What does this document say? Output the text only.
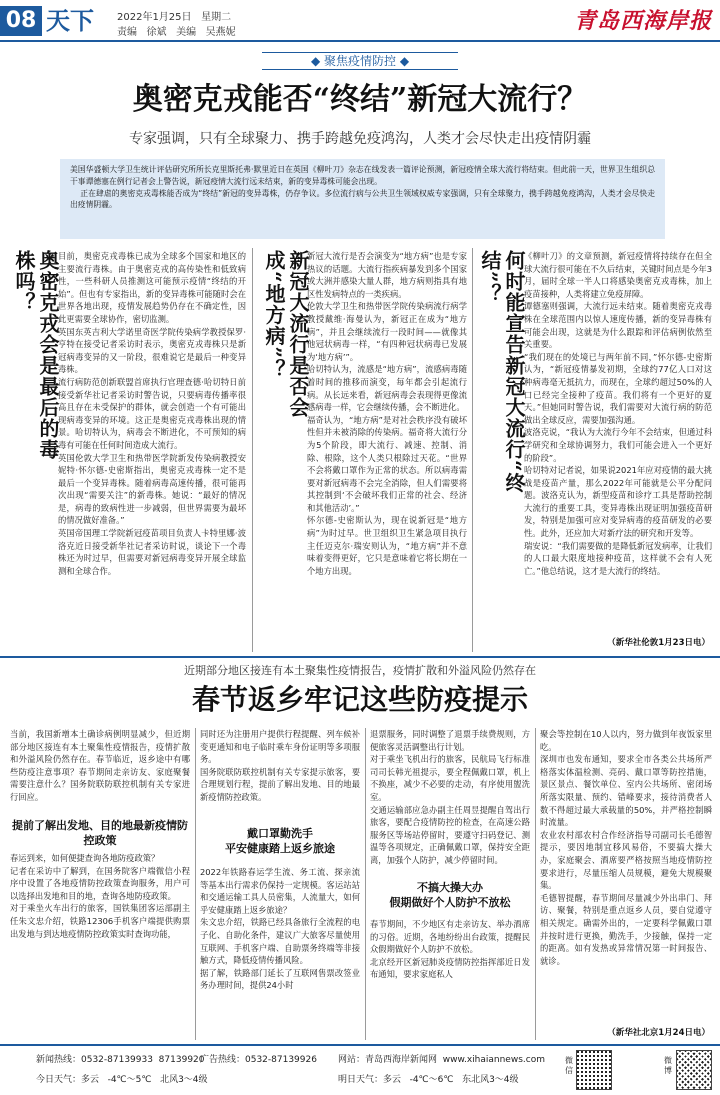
08 天下 2022年1月25日   星期二
责编   徐斌   美编   吴燕妮	青岛西海岸报
◆ 聚焦疫情防控 ◆
奥密克戎能否“终结”新冠大流行？
专家强调，只有全球聚力、携手跨越免疫鸿沟，人类才会尽快走出疫情阴霾
美国华盛顿大学卫生统计评估研究所所长克里斯托弗·默里近日在英国《柳叶刀》杂志在线发表一篇评论预测，新冠疫情全球大流行将结束。但此前一天，世界卫生组织总干事谭德塞在例行记者会上警告说，新冠疫情大流行远未结束，新的变异毒株可能会出现。
正在肆虐的奥密克戎毒株能否成为“终结”新冠的变异毒株，仍存争议。多位流行病与公共卫生领域权威专家强调，只有全球聚力，携手跨越免疫鸿沟，人类才会尽快走出疫情阴霾。
奥密克戎会是最后的毒株吗？	目前，奥密克戎毒株已成为全球多个国家和地区的主要流行毒株。由于奥密克戎的高传染性和低致病性，一些科研人员推测这可能预示疫情“终结的开始”。但也有专家指出，新的变异毒株可能随时会在世界各地出现，疫情发展趋势仍存在不确定性，因此更需要全球协作，密切监测。
英国东英吉利大学诺里奇医学院传染病学教授保罗·亨特在接受记者采访时表示，奥密克戎毒株只是新冠病毒变异的又一阶段，很难说它是最后一种变异毒株。
流行病防范创新联盟首席执行官理查德·哈切特日前接受新华社记者采访时警告说，只要病毒传播率很高且存在未受保护的群体，就会创造一个有可能出现病毒变异的环境。这正是奥密克戎毒株出现的情景。哈切特认为，病毒会不断进化，不可预知的病毒有可能在任何时间造成大流行。
英国伦敦大学卫生和热带医学院新发传染病教授安妮特·怀尔德-史密斯指出，奥密克戎毒株一定不是最后一个变异毒株。随着病毒高速传播，很可能再次出现“需要关注”的新毒株。她说：“最好的情况是，病毒的致病性进一步减弱，但世界需要为最坏的情况做好准备。”
英国帝国理工学院新冠疫苗项目负责人卡特里娜·波洛克近日接受新华社记者采访时说，谈论下一个毒株还为时过早，但需要对新冠病毒变异开展全球监测和全球合作。
新冠大流行是否会成“地方病”？	新冠大流行是否会演变为“地方病”也是专家热议的话题。大流行指疾病暴发到多个国家或大洲并感染大量人群，地方病则指具有地区性发病特点的一类疾病。
伦敦大学卫生和热带医学院传染病流行病学教授戴维·海曼认为，新冠正在成为“地方病”，并且会继续流行一段时间——就像其他冠状病毒一样，“有四种冠状病毒已发展为‘地方病’”。
哈切特认为，流感是“地方病”，流感病毒随着时间的推移而演变，每年都会引起流行病。从长远来看，新冠病毒会表现得更像流感病毒一样，它会继续传播，会不断进化。
福奇认为，“地方病”是对社会秩序没有破坏性但并未被消除的传染病。福奇将大流行分为5个阶段，即大流行、减速、控制、消除、根除，这个人类只根除过天花。“世界不会将戴口罩作为正常的状态。所以病毒需要对新冠病毒不会完全消除，但人们需要将其控制到‘不会破坏我们正常的社会、经济和其他活动’。”
怀尔德-史密斯认为，现在说新冠是“地方病”为时过早。世卫组织卫生紧急项目执行主任迈克尔·瑞安则认为，“地方病”并不意味着变得更好，它只是意味着它将长期在一个地方出现。
何时能宣告新冠大流行“终结”？	《柳叶刀》的文章预测，新冠疫情将持续存在但全球大流行很可能在不久后结束，关键时间点是今年3月，届时全球一半人口将感染奥密克戎毒株，加上疫苗接种，人类将建立免疫屏障。
谭德塞则强调，大流行远未结束。随着奥密克戎毒株在全球范围内以惊人速度传播，新的变异毒株有可能会出现，这就是为什么跟踪和评估病例依然至关重要。
“我们现在的处境已与两年前不同，”怀尔德-史密斯认为，“新冠疫情暴发初期，全球约77亿人口对这种病毒毫无抵抗力，而现在，全球约超过50%的人口已经完全接种了疫苗。我们将有一个更好的夏天。”但她同时警告说，我们需要对大流行病的防范做出全球反应，需要加强沟通。
波洛克说，“我认为大流行今年不会结束，但通过科学研究和全球协调努力，我们可能会进入一个更好的阶段”。
哈切特对记者说，如果说2021年应对疫情的最大挑战是疫苗产量，那么2022年可能就是公平分配问题。波洛克认为，新型疫苗和诊疗工具是帮助控制大流行的重要工具，变异毒株出现证明加强疫苗研发，特别是加强可应对变异病毒的疫苗研发的必要性。此外，还应加大对新疗法的研究和开发等。
瑞安说：“我们需要做的是降低新冠发病率，让我们的人口最大限度地接种疫苗，这样就不会有人死亡。”他总结说，这才是大流行的终结。
（新华社伦敦1月23日电）
近期部分地区接连有本土聚集性疫情报告，疫情扩散和外溢风险仍然存在
春节返乡牢记这些防疫提示
当前，我国新增本土确诊病例明显减少，但近期部分地区接连有本土聚集性疫情报告，疫情扩散和外溢风险仍然存在。春节临近，返乡途中有哪些防疫注意事项？春节期间走亲访友、家庭聚餐需要注意什么？国务院联防联控机制有关专家进行回应。
提前了解出发地、目的地最新疫情防控政策
春运到来，如何便捷查询各地防疫政策？
记者在采访中了解到，在国务院客户端微信小程序中设置了各地疫情防控政策查询服务，用户可以选择出发地和目的地，查询各地防疫政策。
对于乘坐火车出行的旅客，国铁集团客运部副主任朱文忠介绍，铁路12306手机客户端提供购票出发地与到达地疫情防控政策实时查询功能，
同时还为注册用户提供行程提醒、列车候补变更通知和电子临时乘车身份证明等多项服务。
国务院联防联控机制有关专家提示旅客，要合理规划行程，提前了解出发地、目的地最新疫情防控政策。
戴口罩勤洗手
平安健康踏上返乡旅途
2022年铁路春运学生流、务工流、探亲流等基本出行需求仍保持一定规模。客运站站和交通运输工具人员密集，人流量大，如何乎安健康踏上返乡旅途？
朱文忠介绍，铁路已经具备旅行全流程的电子化、自助化条件，建议广大旅客尽量使用互联网、手机客户端、自助票务终端等非接触方式，降低疫情传播风险。
据了解，铁路部门延长了互联网售票改签业务办理时间，提供24小时
退票服务，同时调整了退票手续费规则，方便旅客灵活调整出行计划。
对于乘坐飞机出行的旅客，民航局飞行标准司司长韩光祖提示，要全程佩戴口罩，机上不换座，减少不必要的走动，有序使用盥洗室。
交通运输部应急办副主任周昱提醒自驾出行旅客，要配合疫情防控的检查，在高速公路服务区等场站停留时，要遵守扫码登记、测温等各项规定，正确佩戴口罩，保持安全距离，加强个人防护，减少停留时间。
不搞大操大办
假期做好个人防护不放松
春节期间，不少地区有走亲访友、举办酒席的习俗。近期，各地纷纷出台政策，提醒民众假期做好个人防护不放松。
北京经开区新冠肺炎疫情防控指挥部近日发布通知，要求家庭私人
聚会等控制在10人以内，努力做到年夜饭家里吃。
深圳市也发布通知，要求全市各类公共场所严格落实体温检测、亮码、戴口罩等防控措施，景区景点、餐饮单位、室内公共场所、密闭场所落实限量、预约、错峰要求，接待消费者人数不得超过最大承载量的50%，并严格控制瞬时流量。
农业农村部农村合作经济指导司副司长毛德智提示，要因地制宜移风易俗，不要搞大操大办，家庭聚会、酒席要严格按照当地疫情防控要求进行，尽量压缩人员规模，避免大规模聚集。
毛德智提醒，春节期间尽量减少外出串门、拜访、聚餐，特别是重点返乡人员，要自觉遵守相关规定。确需外出的，一定要科学佩戴口罩并按时进行更换，勤洗手，少接触，保持一定的距离。如有发热或异常情况第一时间报告、就诊。
（新华社北京1月24日电）
新闻热线：0532-87139933  87139920
广告热线：0532-87139926 网站：青岛西海岸新闻网  www.xihaiannews.com
今日天气：多云   -4℃～5℃   北风3～4级	明日天气：多云   -4℃～6℃   东北风3～4级
微信
微博
